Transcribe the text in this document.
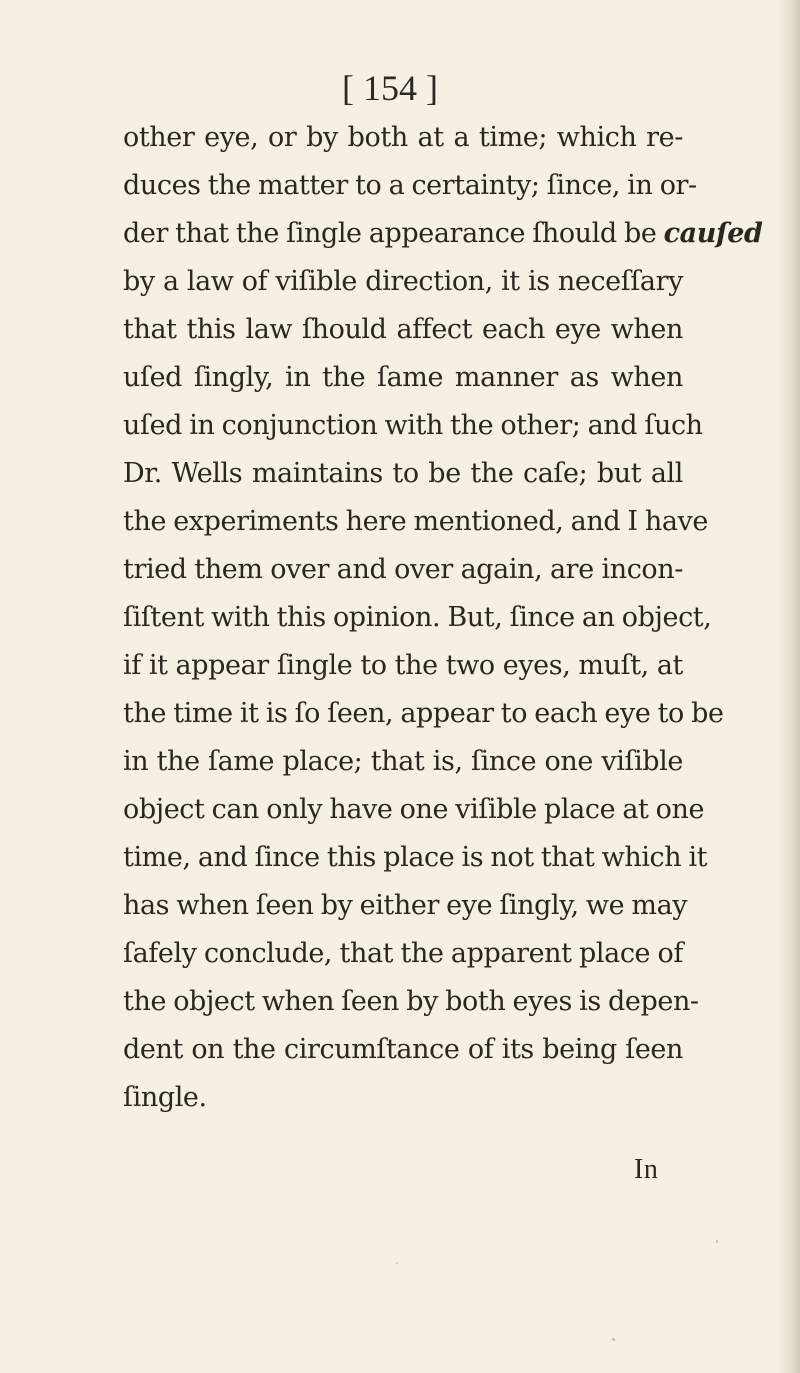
[ 154 ]
other eye, or by both at a time; which re-
duces the matter to a certainty; ſince, in or-
der that the ſingle appearance ſhould be cauſed
by a law of viſible direction, it is neceſſary
that this law ſhould affect each eye when
uſed ſingly, in the ſame manner as when
uſed in conjunction with the other; and ſuch
Dr. Wells maintains to be the caſe; but all
the experiments here mentioned, and I have
tried them over and over again, are incon-
ſiſtent with this opinion. But, ſince an object,
if it appear ſingle to the two eyes, muſt, at
the time it is ſo ſeen, appear to each eye to be
in the ſame place; that is, ſince one viſible
object can only have one viſible place at one
time, and ſince this place is not that which it
has when ſeen by either eye ſingly, we may
ſafely conclude, that the apparent place of
the object when ſeen by both eyes is depen-
dent on the circumſtance of its being ſeen
ſingle.
In
